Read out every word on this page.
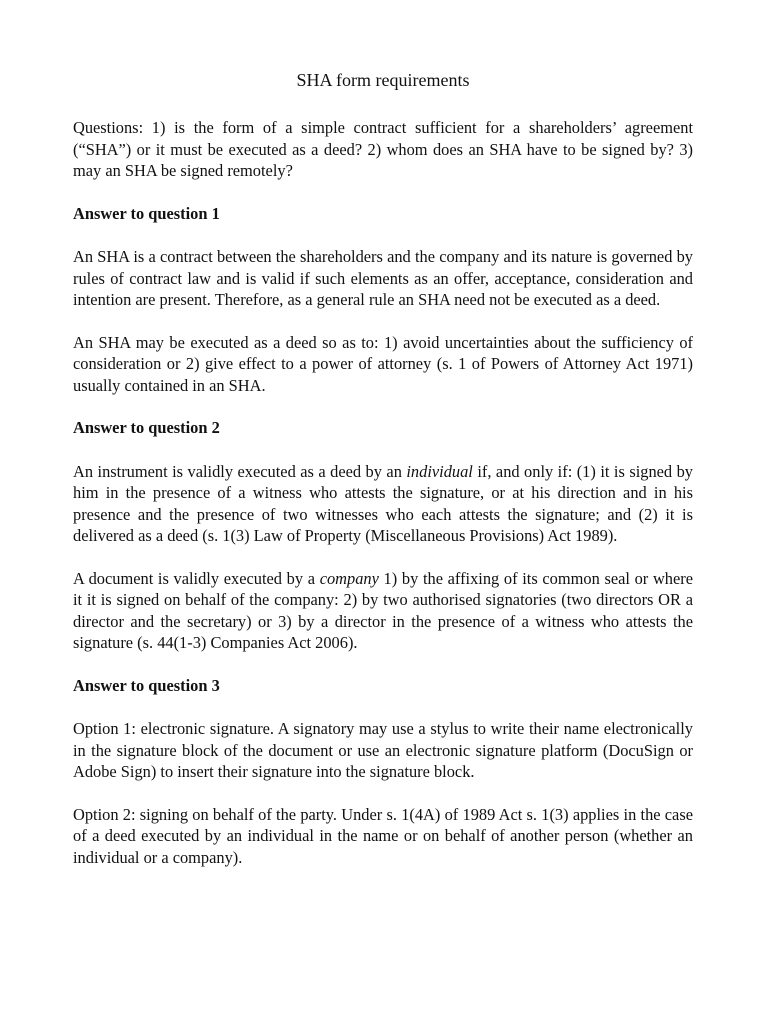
SHA form requirements

Questions: 1) is the form of a simple contract sufficient for a shareholders’ agreement (“SHA”) or it must be executed as a deed? 2) whom does an SHA have to be signed by? 3) may an SHA be signed remotely?

Answer to question 1

An SHA is a contract between the shareholders and the company and its nature is governed by rules of contract law and is valid if such elements as an offer, acceptance, consideration and intention are present. Therefore, as a general rule an SHA need not be executed as a deed.

An SHA may be executed as a deed so as to: 1) avoid uncertainties about the sufficiency of consideration or 2) give effect to a power of attorney (s. 1 of Powers of Attorney Act 1971) usually contained in an SHA.

Answer to question 2

An instrument is validly executed as a deed by an individual if, and only if: (1) it is signed by him in the presence of a witness who attests the signature, or at his direction and in his presence and the presence of two witnesses who each attests the signature; and (2) it is delivered as a deed (s. 1(3) Law of Property (Miscellaneous Provisions) Act 1989).

A document is validly executed by a company 1) by the affixing of its common seal or where it it is signed on behalf of the company: 2) by two authorised signatories (two directors OR a director and the secretary) or 3) by a director in the presence of a witness who attests the signature (s. 44(1-3) Companies Act 2006).

Answer to question 3

Option 1: electronic signature. A signatory may use a stylus to write their name electronically in the signature block of the document or use an electronic signature platform (DocuSign or Adobe Sign) to insert their signature into the signature block.

Option 2: signing on behalf of the party. Under s. 1(4A) of 1989 Act s. 1(3) applies in the case of a deed executed by an individual in the name or on behalf of another person (whether an individual or a company).
